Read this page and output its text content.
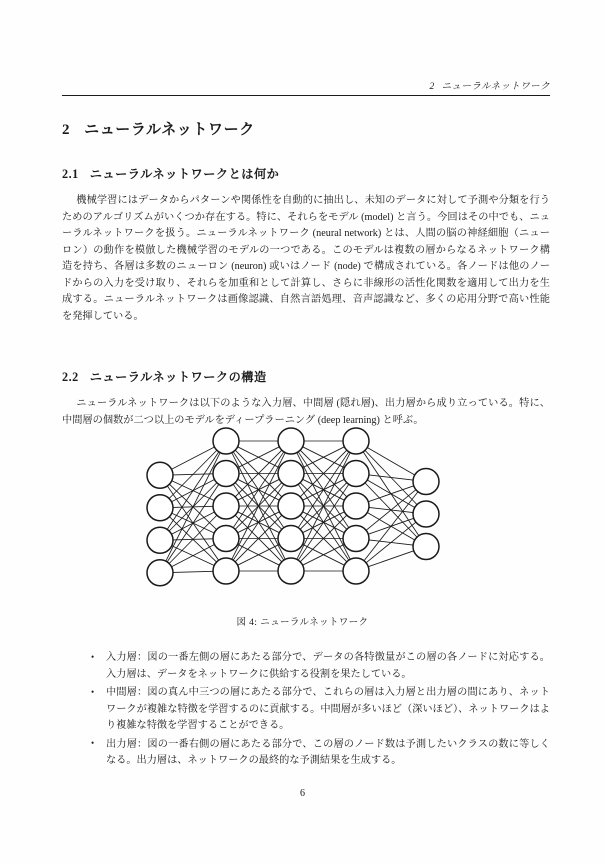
2 ニューラルネットワーク
2 ニューラルネットワーク
2.1 ニューラルネットワークとは何か

機械学習にはデータからパターンや関係性を自動的に抽出し、未知のデータに対して予測や分類を行うためのアルゴリズムがいくつか存在する。特に、それらをモデル (model) と言う。今回はその中でも、ニューラルネットワークを扱う。ニューラルネットワーク (neural network) とは、人間の脳の神経細胞（ニューロン）の動作を模倣した機械学習のモデルの一つである。このモデルは複数の層からなるネットワーク構造を持ち、各層は多数のニューロン (neuron) 或いはノード (node) で構成されている。各ノードは他のノードからの入力を受け取り、それらを加重和として計算し、さらに非線形の活性化関数を適用して出力を生成する。ニューラルネットワークは画像認識、自然言語処理、音声認識など、多くの応用分野で高い性能を発揮している。

2.2 ニューラルネットワークの構造

ニューラルネットワークは以下のような入力層、中間層 (隠れ層)、出力層から成り立っている。特に、中間層の個数が二つ以上のモデルをディープラーニング (deep learning) と呼ぶ。

図 4: ニューラルネットワーク
• 入力層：図の一番左側の層にあたる部分で、データの各特徴量がこの層の各ノードに対応する。入力層は、データをネットワークに供給する役割を果たしている。
• 中間層：図の真ん中三つの層にあたる部分で、これらの層は入力層と出力層の間にあり、ネットワークが複雑な特徴を学習するのに貢献する。中間層が多いほど（深いほど）、ネットワークはより複雑な特徴を学習することができる。
• 出力層：図の一番右側の層にあたる部分で、この層のノード数は予測したいクラスの数に等しくなる。出力層は、ネットワークの最終的な予測結果を生成する。
6
